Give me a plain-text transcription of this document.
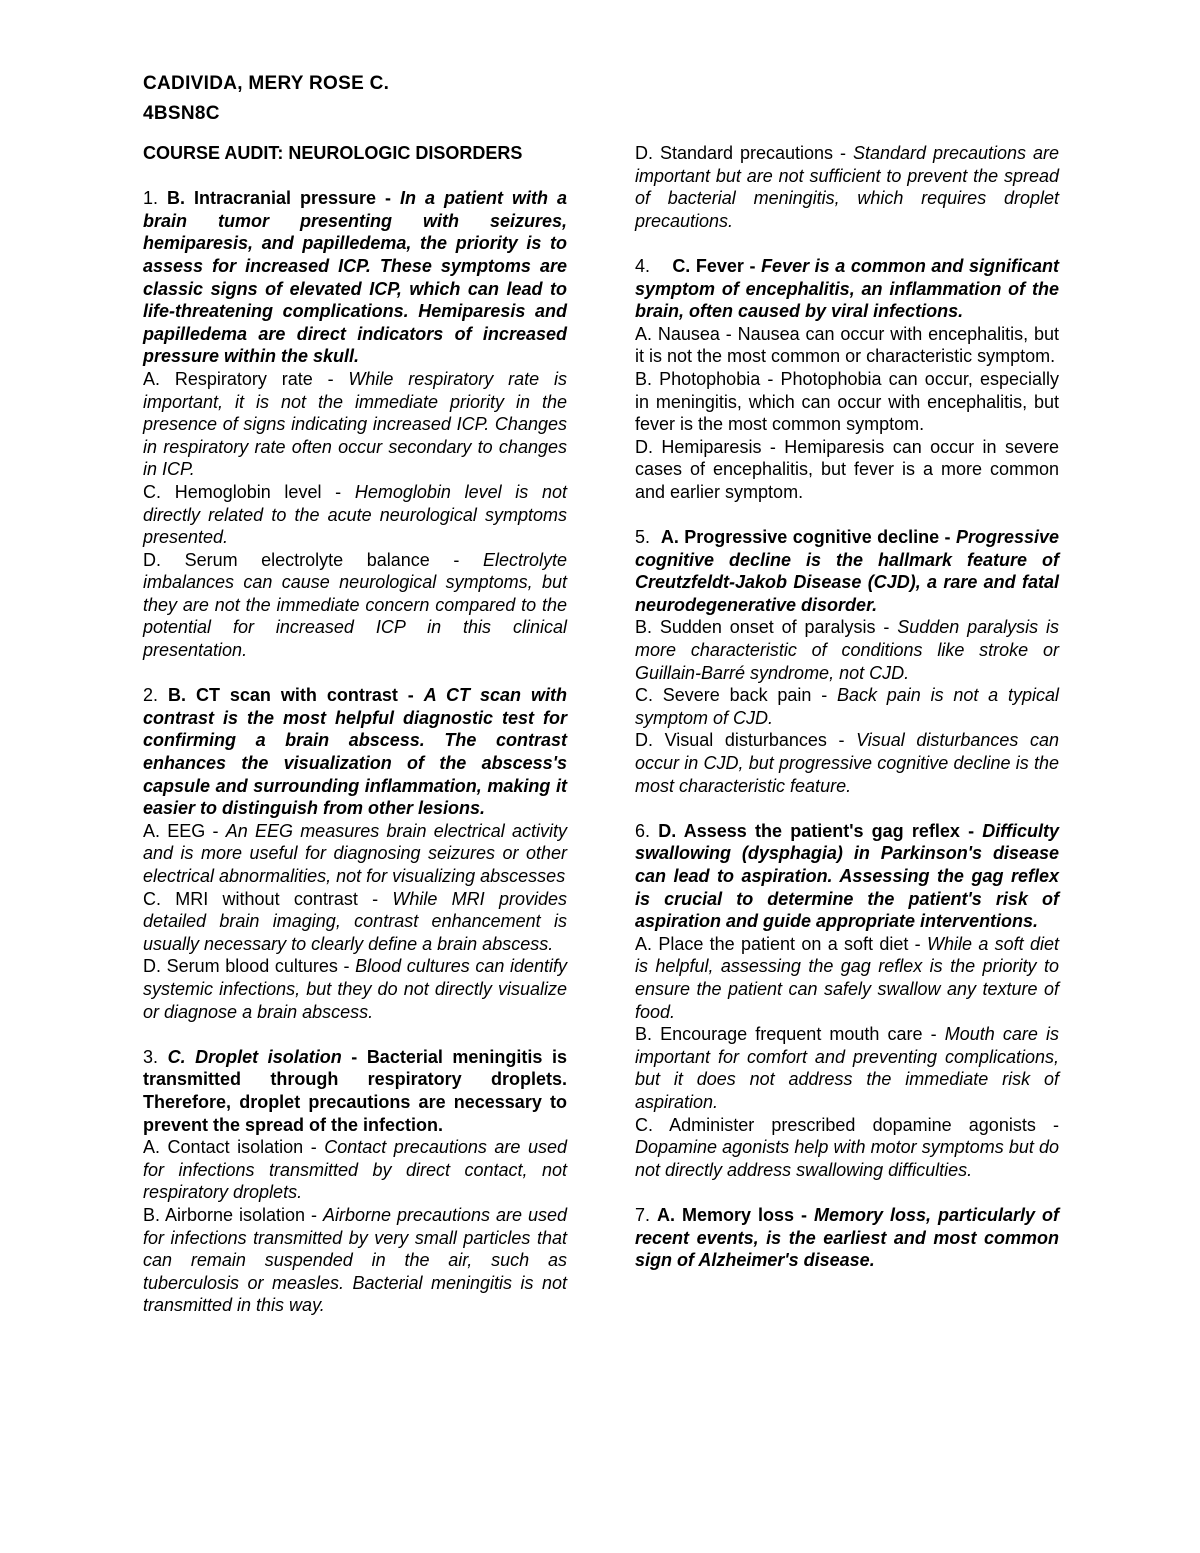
CADIVIDA, MERY ROSE C.
4BSN8C
COURSE AUDIT: NEUROLOGIC DISORDERS

1. B. Intracranial pressure - In a patient with a brain tumor presenting with seizures, hemiparesis, and papilledema, the priority is to assess for increased ICP. These symptoms are classic signs of elevated ICP, which can lead to life-threatening complications. Hemiparesis and papilledema are direct indicators of increased pressure within the skull.

A. Respiratory rate - While respiratory rate is important, it is not the immediate priority in the presence of signs indicating increased ICP. Changes in respiratory rate often occur secondary to changes in ICP.

C. Hemoglobin level - Hemoglobin level is not directly related to the acute neurological symptoms presented.

D. Serum electrolyte balance - Electrolyte imbalances can cause neurological symptoms, but they are not the immediate concern compared to the potential for increased ICP in this clinical presentation.

2. B. CT scan with contrast - A CT scan with contrast is the most helpful diagnostic test for confirming a brain abscess. The contrast enhances the visualization of the abscess's capsule and surrounding inflammation, making it easier to distinguish from other lesions.

A. EEG - An EEG measures brain electrical activity and is more useful for diagnosing seizures or other electrical abnormalities, not for visualizing abscesses

C. MRI without contrast - While MRI provides detailed brain imaging, contrast enhancement is usually necessary to clearly define a brain abscess.

D. Serum blood cultures - Blood cultures can identify systemic infections, but they do not directly visualize or diagnose a brain abscess.

3. C. Droplet isolation - Bacterial meningitis is transmitted through respiratory droplets. Therefore, droplet precautions are necessary to prevent the spread of the infection.

A. Contact isolation - Contact precautions are used for infections transmitted by direct contact, not respiratory droplets.

B. Airborne isolation - Airborne precautions are used for infections transmitted by very small particles that can remain suspended in the air, such as tuberculosis or measles. Bacterial meningitis is not transmitted in this way.

D. Standard precautions - Standard precautions are important but are not sufficient to prevent the spread of bacterial meningitis, which requires droplet precautions.

4. C. Fever - Fever is a common and significant symptom of encephalitis, an inflammation of the brain, often caused by viral infections.

A. Nausea - Nausea can occur with encephalitis, but it is not the most common or characteristic symptom.

B. Photophobia - Photophobia can occur, especially in meningitis, which can occur with encephalitis, but fever is the most common symptom.

D. Hemiparesis - Hemiparesis can occur in severe cases of encephalitis, but fever is a more common and earlier symptom.

5. A. Progressive cognitive decline - Progressive cognitive decline is the hallmark feature of Creutzfeldt-Jakob Disease (CJD), a rare and fatal neurodegenerative disorder.

B. Sudden onset of paralysis - Sudden paralysis is more characteristic of conditions like stroke or Guillain-Barré syndrome, not CJD.

C. Severe back pain - Back pain is not a typical symptom of CJD.

D. Visual disturbances - Visual disturbances can occur in CJD, but progressive cognitive decline is the most characteristic feature.

6. D. Assess the patient's gag reflex - Difficulty swallowing (dysphagia) in Parkinson's disease can lead to aspiration. Assessing the gag reflex is crucial to determine the patient's risk of aspiration and guide appropriate interventions.

A. Place the patient on a soft diet - While a soft diet is helpful, assessing the gag reflex is the priority to ensure the patient can safely swallow any texture of food.

B. Encourage frequent mouth care - Mouth care is important for comfort and preventing complications, but it does not address the immediate risk of aspiration.

C. Administer prescribed dopamine agonists - Dopamine agonists help with motor symptoms but do not directly address swallowing difficulties.

7. A. Memory loss - Memory loss, particularly of recent events, is the earliest and most common sign of Alzheimer's disease.
